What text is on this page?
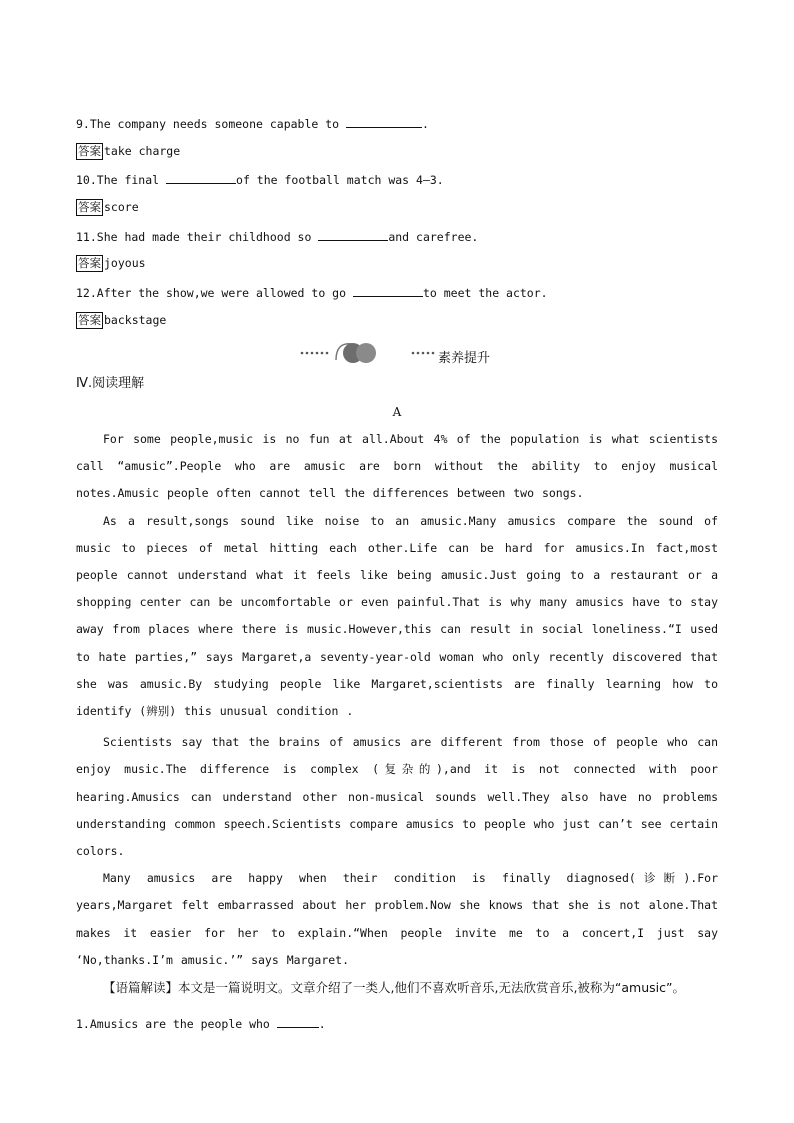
9.The company needs someone capable to	.
答案 take charge
10.The final	of the football match was 4—3.
答案 score
11.She had made their childhood so	and carefree.
答案 joyous
12.After the show,we were allowed to go	to meet the actor.
答案 backstage
素养提升
Ⅳ.阅读理解
A

For some people,music is no fun at all.About 4% of the population is what scientists call “amusic”.People who are amusic are born without the ability to enjoy musical notes.Amusic people often cannot tell the differences between two songs.

As a result,songs sound like noise to an amusic.Many amusics compare the sound of music to pieces of metal hitting each other.Life can be hard for amusics.In fact,most people cannot understand what it feels like being amusic.Just going to a restaurant or a shopping center can be uncomfortable or even painful.That is why many amusics have to stay away from places where there is music.However,this can result in social loneliness.“I used to hate parties,” says Margaret,a seventy-year-old woman who only recently discovered that she was amusic.By studying people like Margaret,scientists are finally learning how to identify (辨别) this unusual condition .

Scientists say that the brains of amusics are different from those of people who can enjoy music.The difference is complex (复杂的),and it is not connected with poor hearing.Amusics can understand other non-musical sounds well.They also have no problems understanding common speech.Scientists compare amusics to people who just can’t see certain colors.

Many amusics are happy when their condition is finally diagnosed(诊断).For years,Margaret felt embarrassed about her problem.Now she knows that she is not alone.That makes it easier for her to explain.“When people invite me to a concert,I just say ‘No,thanks.I’m amusic.’” says Margaret.

【语篇解读】本文是一篇说明文。文章介绍了一类人,他们不喜欢听音乐,无法欣赏音乐,被称为“amusic”。

1.Amusics are the people who	.
